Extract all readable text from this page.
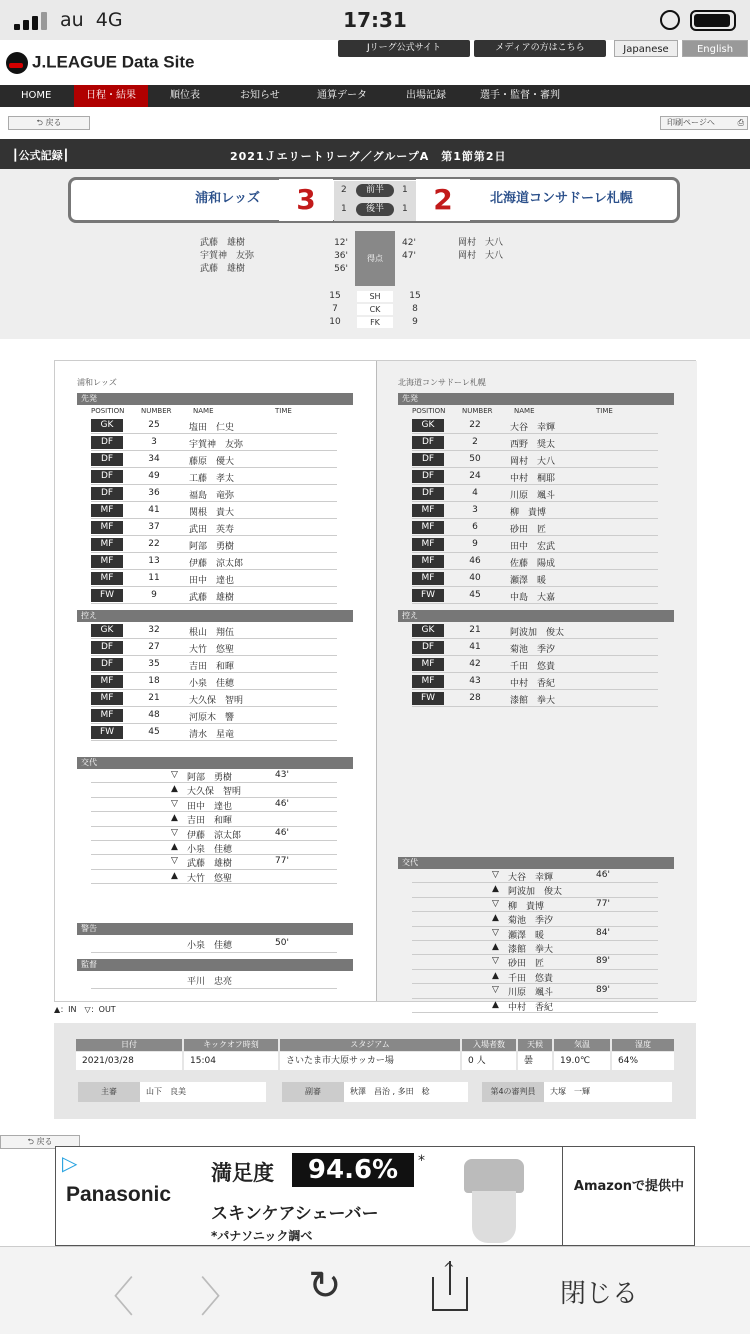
au 4G	17:31
J.LEAGUE Data Site
Jリーグ公式サイト	メディアの方はこちら	Japanese	English
HOME	日程・結果	順位表	お知らせ	通算データ	出場記録	選手・監督・審判
⮌ 戻る	印刷ページへ	⎙
┃公式記録┃	2021Ｊエリートリーグ／グループA　第1節第2日
浦和レッズ	3	2	北海道コンサドーレ札幌
2	前半	1
1	後半	1
得点
武藤　雄樹	12'
宇賀神　友弥	36'
武藤　雄樹	56'
42'	岡村　大八
47'	岡村　大八
15	SH	15
7	CK	8
10	FK	9
浦和レッズ
先発
POSITION NUMBER	NAME	TIME
GK	25	塩田　仁史
DF	3	宇賀神　友弥
DF	34	藤原　優大
DF	49	工藤　孝太
DF	36	福島　竜弥
MF	41	関根　貴大
MF	37	武田　英寿
MF	22	阿部　勇樹
MF	13	伊藤　涼太郎
MF	11	田中　達也
FW	9	武藤　雄樹
控え
GK	32	根山　翔伍
DF	27	大竹　悠聖
DF	35	吉田　和暉
MF	18	小泉　佳穂
MF	21	大久保　智明
MF	48	河原木　響
FW	45	清水　星竜
交代
▽ 阿部　勇樹	43'
▲ 大久保　智明
▽ 田中　達也	46'
▲ 吉田　和暉
▽ 伊藤　涼太郎	46'
▲ 小泉　佳穂
▽ 武藤　雄樹	77'
▲ 大竹　悠聖
警告
小泉　佳穂	50'
監督
平川　忠亮
北海道コンサドーレ札幌
先発
POSITION NUMBER	NAME	TIME
GK	22	大谷　幸輝
DF	2	西野　奨太
DF	50	岡村　大八
DF	24	中村　桐耶
DF	4	川原　颯斗
MF	3	柳　貴博
MF	6	砂田　匠
MF	9	田中　宏武
MF	46	佐藤　陽成
MF	40	瀬澤　暖
FW	45	中島　大嘉
控え
GK	21	阿波加　俊太
DF	41	菊池　季汐
MF	42	千田　悠貴
MF	43	中村　香紀
FW	28	漆館　拳大
交代
▽ 大谷　幸輝	46'
▲ 阿波加　俊太
▽ 柳　貴博	77'
▲ 菊池　季汐
▽ 瀬澤　暖	84'
▲ 漆館　拳大
▽ 砂田　匠	89'
▲ 千田　悠貴
▽ 川原　颯斗	89'
▲ 中村　香紀
▲：IN　▽：OUT
日付	キックオフ時刻	スタジアム	入場者数	天候	気温	湿度
2021/03/28	15:04	さいたま市大原サッカー場	0 人	曇	19.0℃	64%
主審	山下　良美	副審	秋澤　昌治 , 多田　稔	第4の審判員	大塚　一輝
⮌ 戻る
▷
Panasonic
満足度	94.6%	*
スキンケアシェーバー
*パナソニック調べ
Amazonで提供中
〈 〉 ↻	^
閉じる
